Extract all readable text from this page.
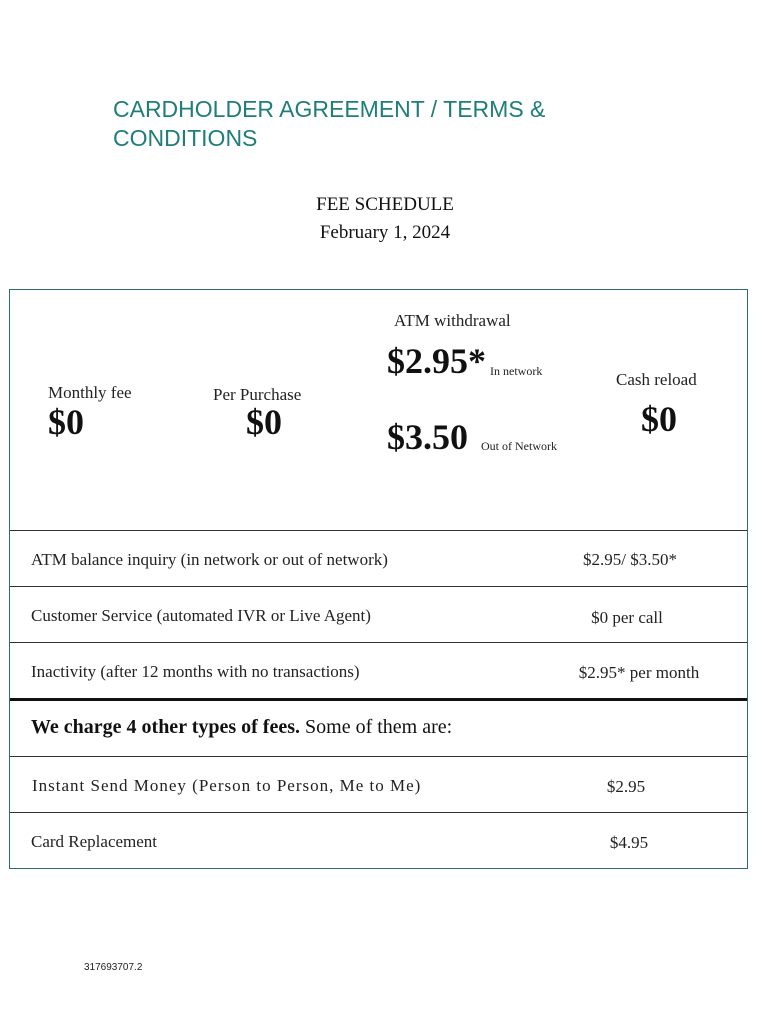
CARDHOLDER AGREEMENT / TERMS & CONDITIONS
FEE SCHEDULE
February 1, 2024
Monthly fee
$0
Per Purchase
$0
ATM withdrawal
$2.95* In network
$3.50 Out of Network
Cash reload
$0
ATM balance inquiry (in network or out of network)	$2.95/ $3.50*
Customer Service (automated IVR or Live Agent)	$0 per call
Inactivity (after 12 months with no transactions)	$2.95* per month
We charge 4 other types of fees. Some of them are:
Instant Send Money (Person to Person, Me to Me)	$2.95
Card Replacement	$4.95
317693707.2
